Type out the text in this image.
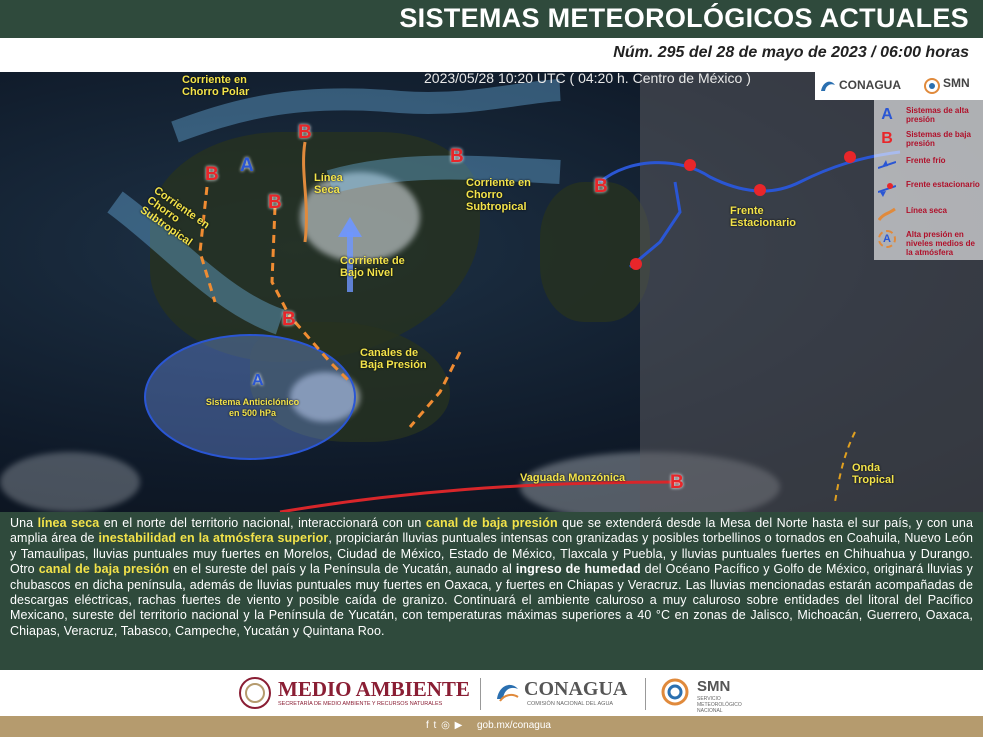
SISTEMAS METEOROLÓGICOS ACTUALES
Núm. 295 del 28 de mayo de 2023 / 06:00 horas
2023/05/28 10:20 UTC ( 04:20 h. Centro de México )
Corriente en Chorro Polar
Corriente en Chorro Subtropical
Línea Seca
Corriente de Bajo Nivel
Corriente en Chorro Subtropical
Canales de Baja Presión
Sistema Anticiclónico en 500 hPa
Frente Estacionario
Vaguada Monzónica
Onda Tropical
A
A
B
B
B
B
B
B
B
CONAGUA	SMN
A	Sistemas de alta presión
B	Sistemas de baja presión
Frente frío
Frente estacionario
Línea seca
A	Alta presión en niveles medios de la atmósfera

Una línea seca en el norte del territorio nacional, interaccionará con un canal de baja presión que se extenderá desde la Mesa del Norte hasta el sur país, y con una amplia área de inestabilidad en la atmósfera superior, propiciarán lluvias puntuales intensas con granizadas y posibles torbellinos o tornados en Coahuila, Nuevo León y Tamaulipas, lluvias puntuales muy fuertes en Morelos, Ciudad de México, Estado de México, Tlaxcala y Puebla, y lluvias puntuales fuertes en Chihuahua y Durango. Otro canal de baja presión en el sureste del país y la Península de Yucatán, aunado al ingreso de humedad del Océano Pacífico y Golfo de México, originará lluvias y chubascos en dicha península, además de lluvias puntuales muy fuertes en Oaxaca, y fuertes en Chiapas y Veracruz. Las lluvias mencionadas estarán acompañadas de descargas eléctricas, rachas fuertes de viento y posible caída de granizo. Continuará el ambiente caluroso a muy caluroso sobre entidades del litoral del Pacífico Mexicano, sureste del territorio nacional y la Península de Yucatán, con temperaturas máximas superiores a 40 °C en zonas de Jalisco, Michoacán, Guerrero, Oaxaca, Chiapas, Veracruz, Tabasco, Campeche, Yucatán y Quintana Roo.

MEDIO AMBIENTE
SECRETARÍA DE MEDIO AMBIENTE Y RECURSOS NATURALES
CONAGUA
COMISIÓN NACIONAL DEL AGUA
SMN
SERVICIO METEOROLÓGICO NACIONAL
f t ◎ ▶ gob.mx/conagua
